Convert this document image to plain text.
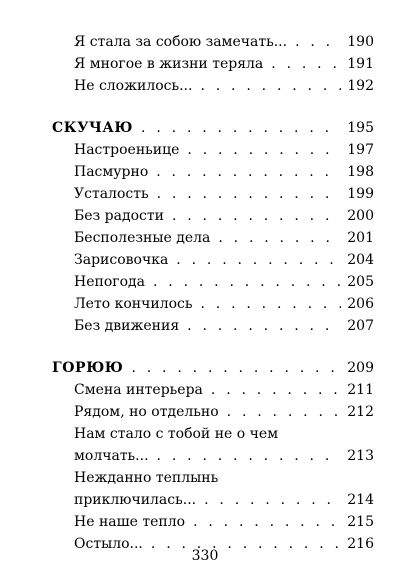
Я стала за собою замечать... . . .	190
Я многое в жизни теряла . . .	191
Не сложилось... . . .	192
СКУЧАЮ . . .	195
Настроеньице . . .	197
Пасмурно . . .	198
Усталость . . .	199
Без радости . . .	200
Бесполезные дела . . .	201
Зарисовочка . . .	204
Непогода . . .	205
Лето кончилось . . .	206
Без движения . . .	207
ГОРЮЮ . . .	209
Смена интерьера . . .	211
Рядом, но отдельно . . .	212
Нам стало с тобой не о чем
молчать... . . .	213
Нежданно теплынь
приключилась... . . .	214
Не наше тепло . . .	215
Остыло... . . .	216
330
